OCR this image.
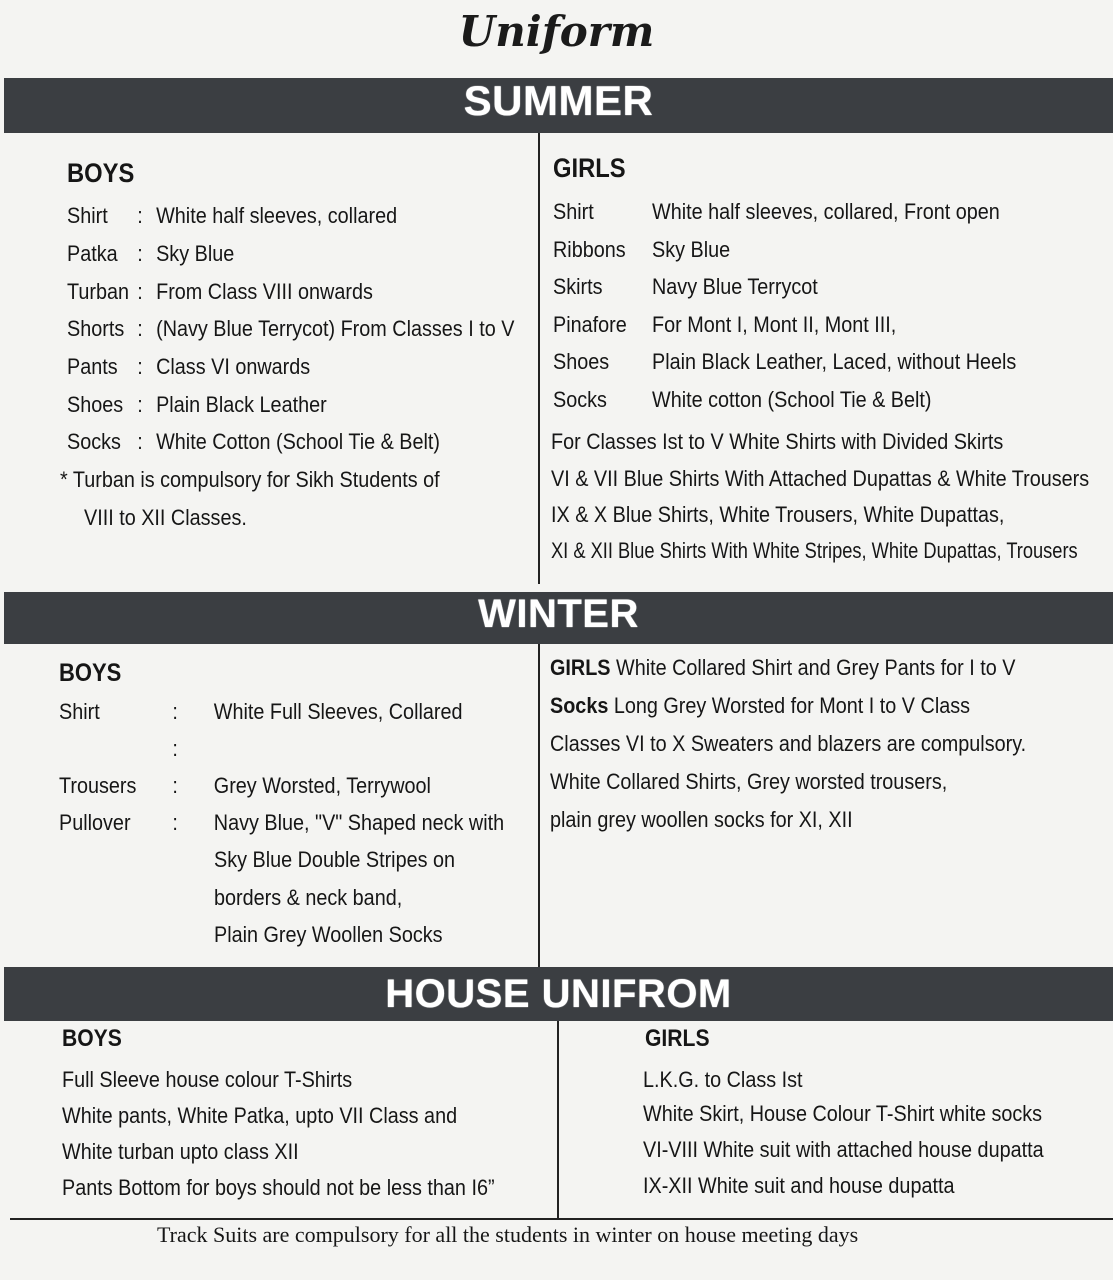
Uniform
SUMMER
BOYS
Shirt : White half sleeves, collared
Patka : Sky Blue
Turban : From Class VIII onwards
Shorts : (Navy Blue Terrycot) From Classes I to V
Pants : Class VI onwards
Shoes : Plain Black Leather
Socks : White Cotton (School Tie & Belt)
* Turban is compulsory for Sikh Students of
VIII to XII Classes.
GIRLS
Shirt	White half sleeves, collared, Front open
Ribbons Sky Blue
Skirts Navy Blue Terrycot
Pinafore For Mont I, Mont II, Mont III,
Shoes Plain Black Leather, Laced, without Heels
Socks White cotton (School Tie & Belt)
For Classes Ist to V White Shirts with Divided Skirts
VI & VII Blue Shirts With Attached Dupattas & White Trousers
IX & X Blue Shirts, White Trousers, White Dupattas,
XI & XII Blue Shirts With White Stripes, White Dupattas, Trousers
WINTER
BOYS
Shirt	: White Full Sleeves, Collared
:
Trousers : Grey Worsted, Terrywool
Pullover : Navy Blue, "V" Shaped neck with
Sky Blue Double Stripes on
borders & neck band,
Plain Grey Woollen Socks
GIRLS White Collared Shirt and Grey Pants for I to V
Socks Long Grey Worsted for Mont I to V Class
Classes VI to X Sweaters and blazers are compulsory.
White Collared Shirts, Grey worsted trousers,
plain grey woollen socks for XI, XII
HOUSE UNIFROM
BOYS
Full Sleeve house colour T-Shirts
White pants, White Patka, upto VII Class and
White turban upto class XII
Pants Bottom for boys should not be less than I6”
GIRLS
L.K.G. to Class Ist
White Skirt, House Colour T-Shirt white socks
VI-VIII White suit with attached house dupatta
IX-XII White suit and house dupatta
Track Suits are compulsory for all the students in winter on house meeting days
